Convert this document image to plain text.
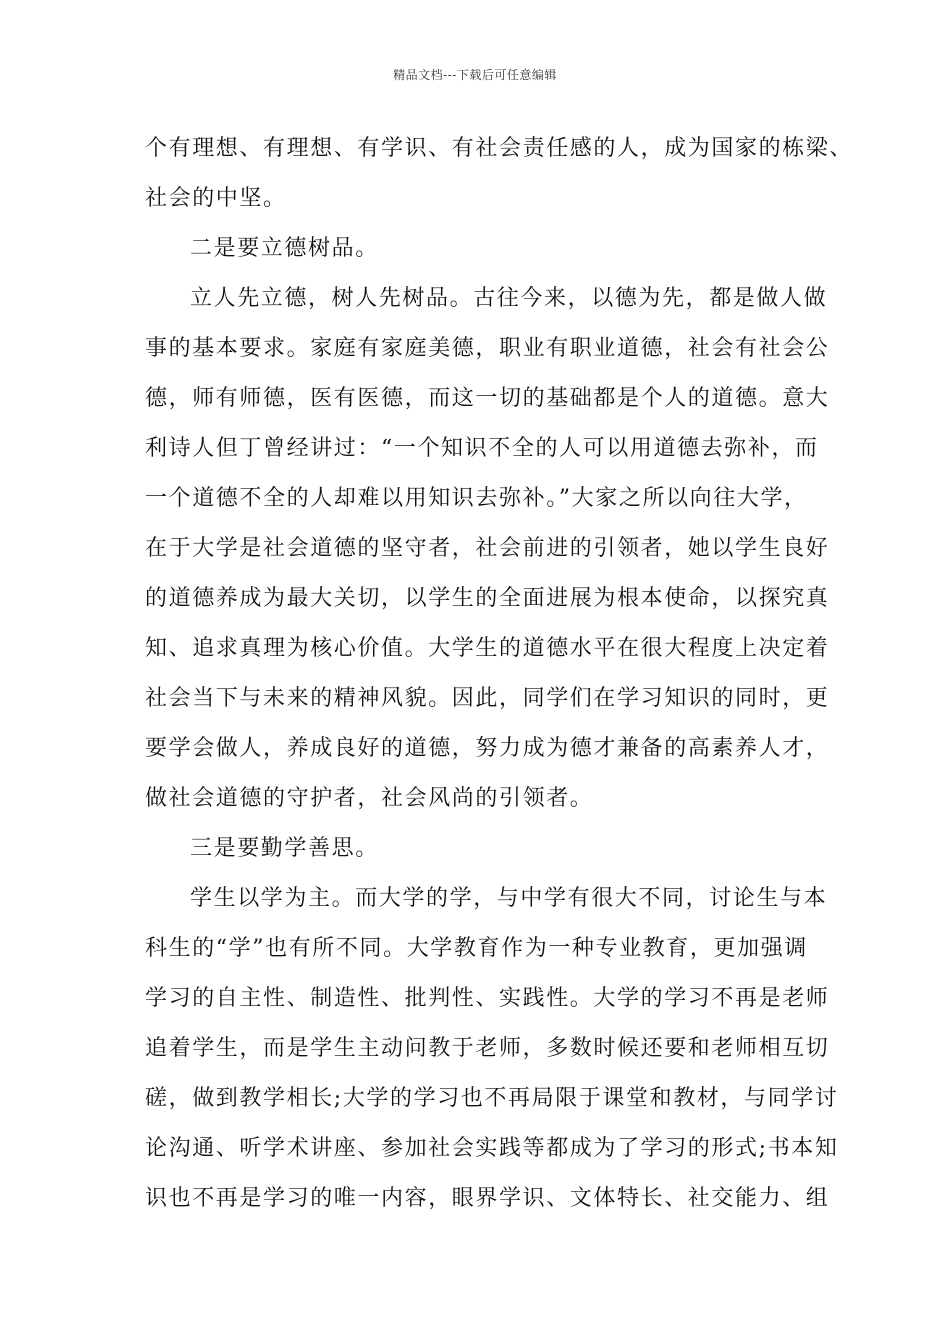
精品文档---下载后可任意编辑
个有理想、有理想、有学识、有社会责任感的人，成为国家的栋梁、
社会的中坚。
二是要立德树品。
立人先立德，树人先树品。古往今来，以德为先，都是做人做
事的基本要求。家庭有家庭美德，职业有职业道德，社会有社会公
德，师有师德，医有医德，而这一切的基础都是个人的道德。意大
利诗人但丁曾经讲过：“一个知识不全的人可以用道德去弥补，而
一个道德不全的人却难以用知识去弥补。”大家之所以向往大学，
在于大学是社会道德的坚守者，社会前进的引领者，她以学生良好
的道德养成为最大关切，以学生的全面进展为根本使命，以探究真
知、追求真理为核心价值。大学生的道德水平在很大程度上决定着
社会当下与未来的精神风貌。因此，同学们在学习知识的同时，更
要学会做人，养成良好的道德，努力成为德才兼备的高素养人才，
做社会道德的守护者，社会风尚的引领者。
三是要勤学善思。
学生以学为主。而大学的学，与中学有很大不同，讨论生与本
科生的“学”也有所不同。大学教育作为一种专业教育，更加强调
学习的自主性、制造性、批判性、实践性。大学的学习不再是老师
追着学生，而是学生主动问教于老师，多数时候还要和老师相互切
磋，做到教学相长;大学的学习也不再局限于课堂和教材，与同学讨
论沟通、听学术讲座、参加社会实践等都成为了学习的形式;书本知
识也不再是学习的唯一内容，眼界学识、文体特长、社交能力、组
